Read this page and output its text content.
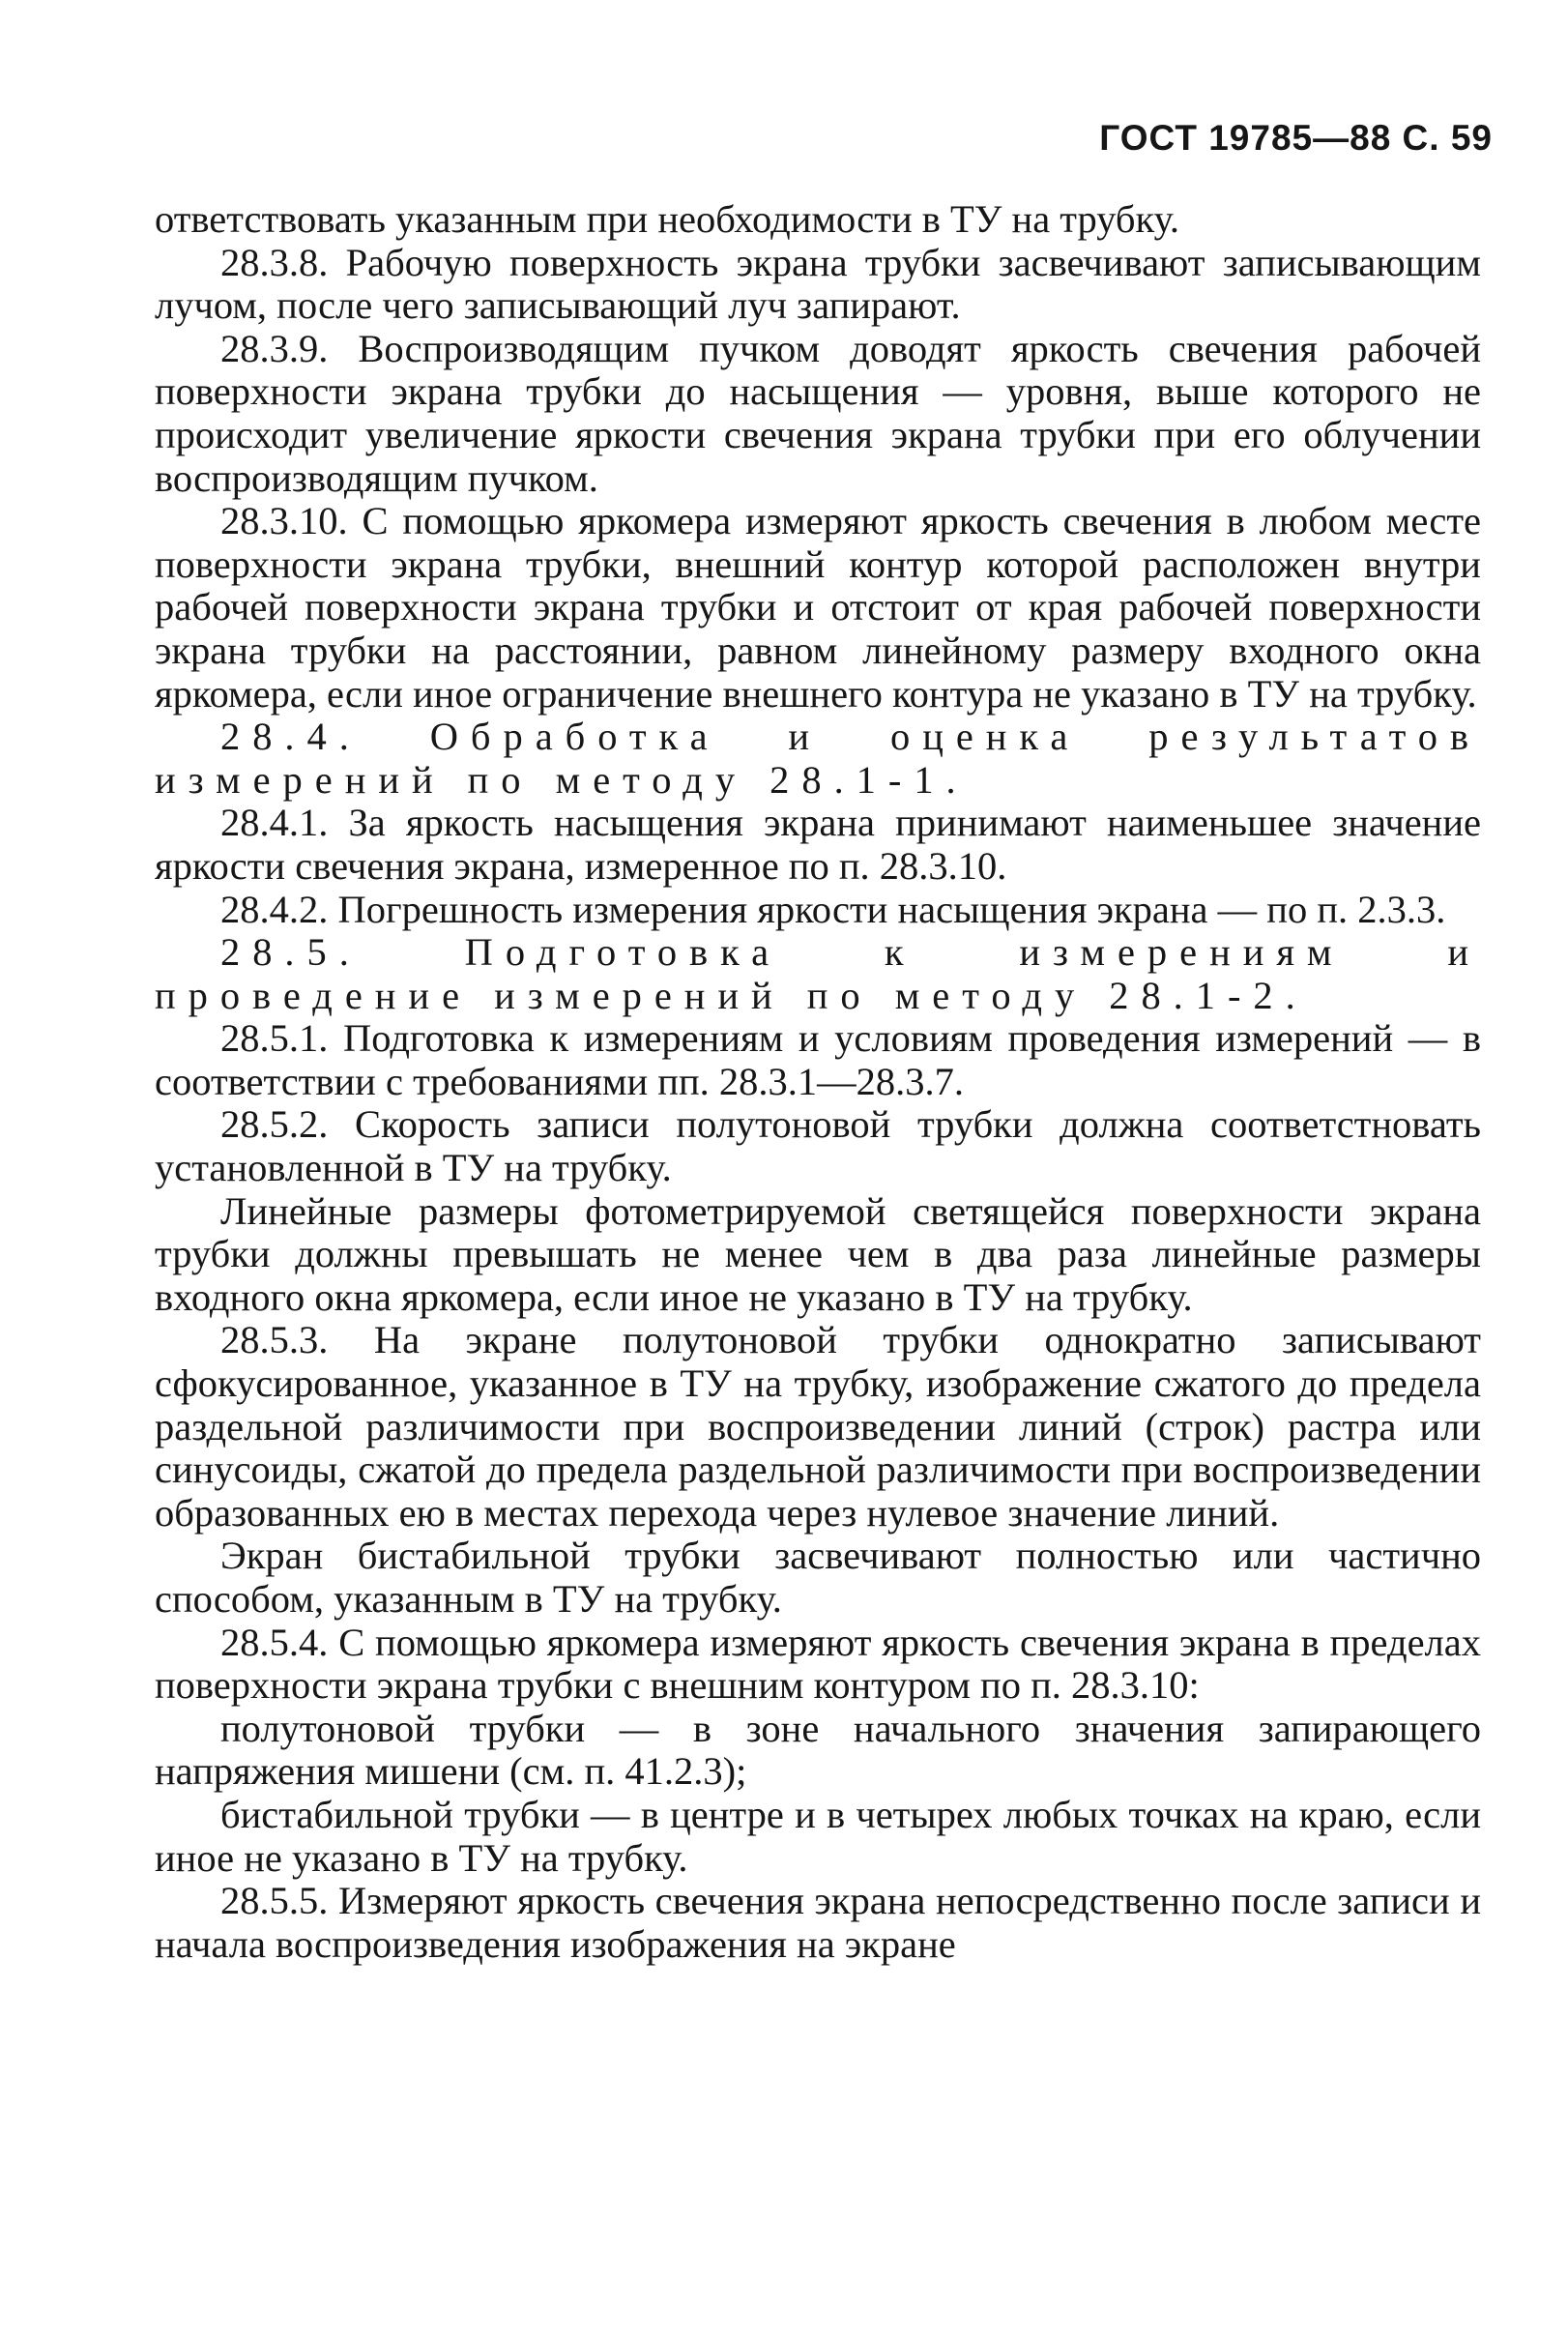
ГОСТ 19785—88 С. 59

ответствовать указанным при необходимости в ТУ на трубку.

28.3.8. Рабочую поверхность экрана трубки засвечивают записывающим лучом, после чего записывающий луч запирают.

28.3.9. Воспроизводящим пучком доводят яркость свечения рабочей поверхности экрана трубки до насыщения — уровня, выше которого не происходит увеличение яркости свечения экрана трубки при его облучении воспроизводящим пучком.

28.3.10. С помощью яркомера измеряют яркость свечения в любом месте поверхности экрана трубки, внешний контур которой расположен внутри рабочей поверхности экрана трубки и отстоит от края рабочей поверхности экрана трубки на расстоянии, равном линейному размеру входного окна яркомера, если иное ограничение внешнего контура не указано в ТУ на трубку.

28.4. Обработка и оценка результатов измерений по методу 28.1-1.

28.4.1. За яркость насыщения экрана принимают наименьшее значение яркости свечения экрана, измеренное по п. 28.3.10.

28.4.2. Погрешность измерения яркости насыщения экрана — по п. 2.3.3.

28.5. Подготовка к измерениям и проведение измерений по методу 28.1-2.

28.5.1. Подготовка к измерениям и условиям проведения измерений — в соответствии с требованиями пп. 28.3.1—28.3.7.

28.5.2. Скорость записи полутоновой трубки должна соответстновать установленной в ТУ на трубку.

Линейные размеры фотометрируемой светящейся поверхности экрана трубки должны превышать не менее чем в два раза линейные размеры входного окна яркомера, если иное не указано в ТУ на трубку.

28.5.3. На экране полутоновой трубки однократно записывают сфокусированное, указанное в ТУ на трубку, изображение сжатого до предела раздельной различимости при воспроизведении линий (строк) растра или синусоиды, сжатой до предела раздельной различимости при воспроизведении образованных ею в местах перехода через нулевое значение линий.

Экран бистабильной трубки засвечивают полностью или частично способом, указанным в ТУ на трубку.

28.5.4. С помощью яркомера измеряют яркость свечения экрана в пределах поверхности экрана трубки с внешним контуром по п. 28.3.10:

полутоновой трубки — в зоне начального значения запирающего напряжения мишени (см. п. 41.2.3);

бистабильной трубки — в центре и в четырех любых точках на краю, если иное не указано в ТУ на трубку.

28.5.5. Измеряют яркость свечения экрана непосредственно после записи и начала воспроизведения изображения на экране
